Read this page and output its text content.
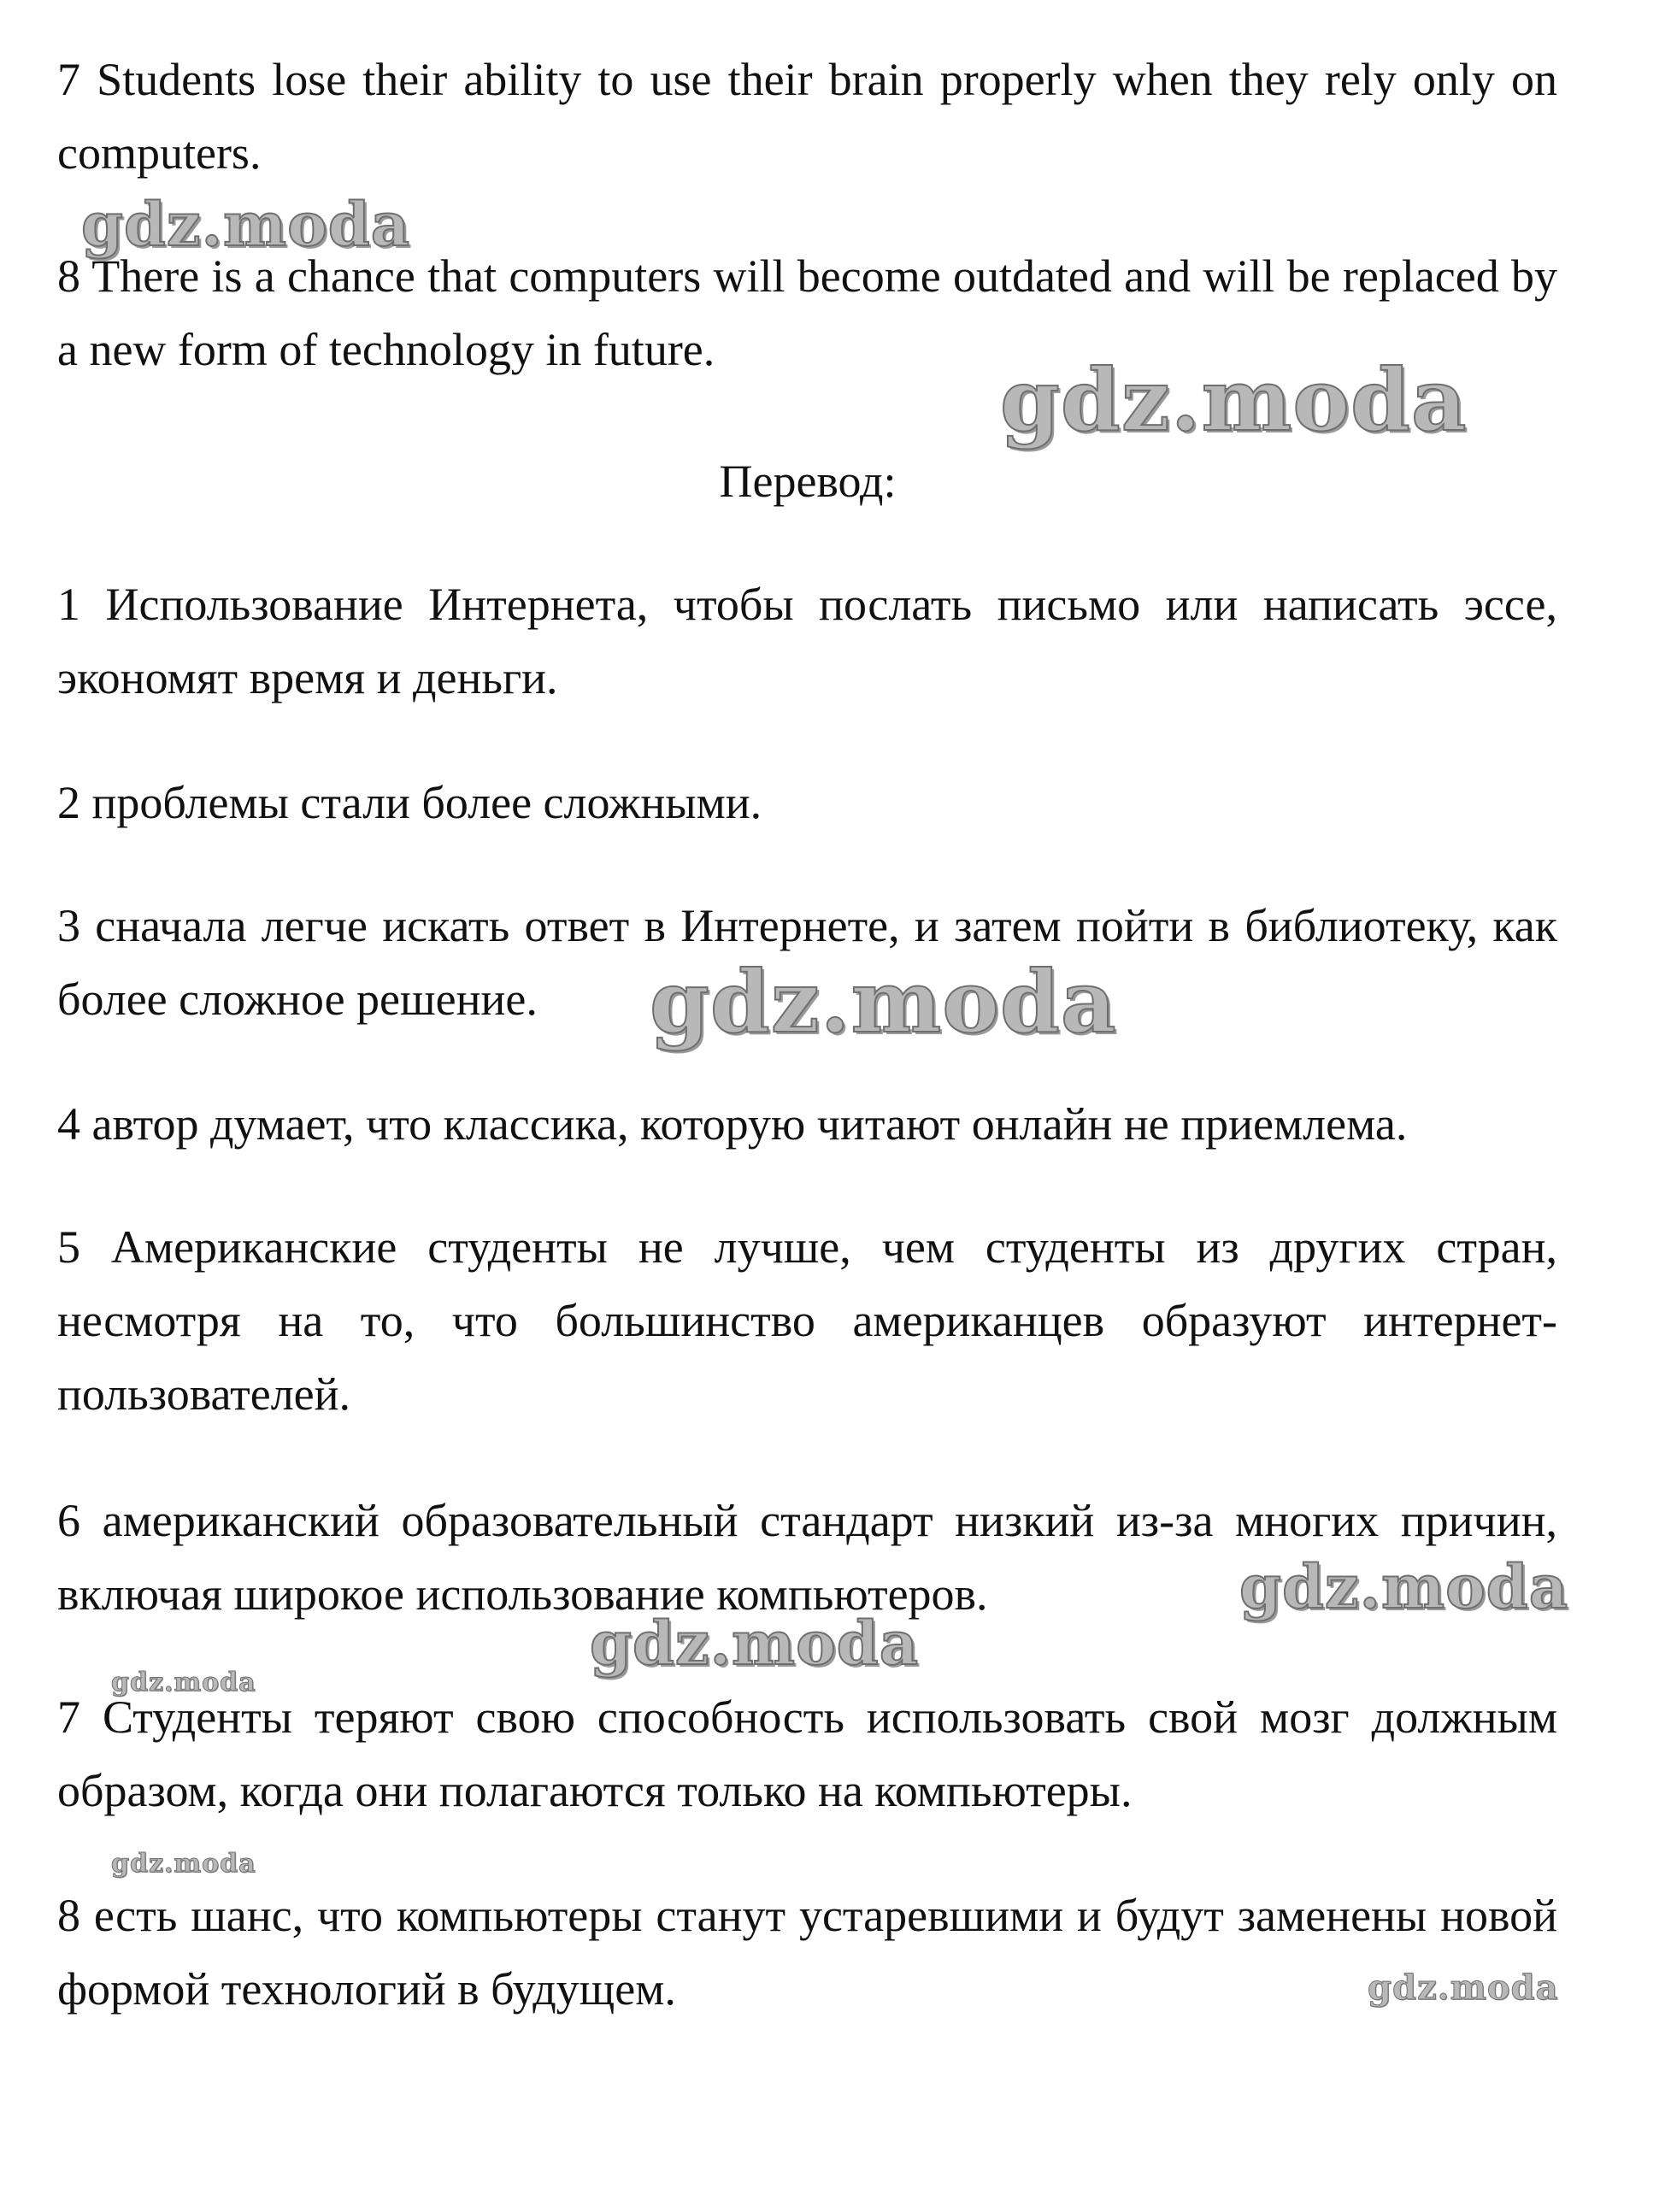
7 Students lose their ability to use their brain properly when they rely only on computers.

8 There is a chance that computers will become outdated and will be replaced by a new form of technology in future.

Перевод:

1 Использование Интернета, чтобы послать письмо или написать эссе, экономят время и деньги.

2 проблемы стали более сложными.

3 сначала легче искать ответ в Интернете, и затем пойти в библиотеку, как более сложное решение.

4 автор думает, что классика, которую читают онлайн не приемлема.

5 Американские студенты не лучше, чем студенты из других стран, несмотря на то, что большинство американцев образуют интернет-пользователей.

6 американский образовательный стандарт низкий из-за многих причин, включая широкое использование компьютеров.

7 Студенты теряют свою способность использовать свой мозг должным образом, когда они полагаются только на компьютеры.

8 есть шанс, что компьютеры станут устаревшими и будут заменены новой формой технологий в будущем.

gdz.moda
gdz.moda
gdz.moda
gdz.moda
gdz.moda
gdz.moda
gdz.moda
gdz.moda
